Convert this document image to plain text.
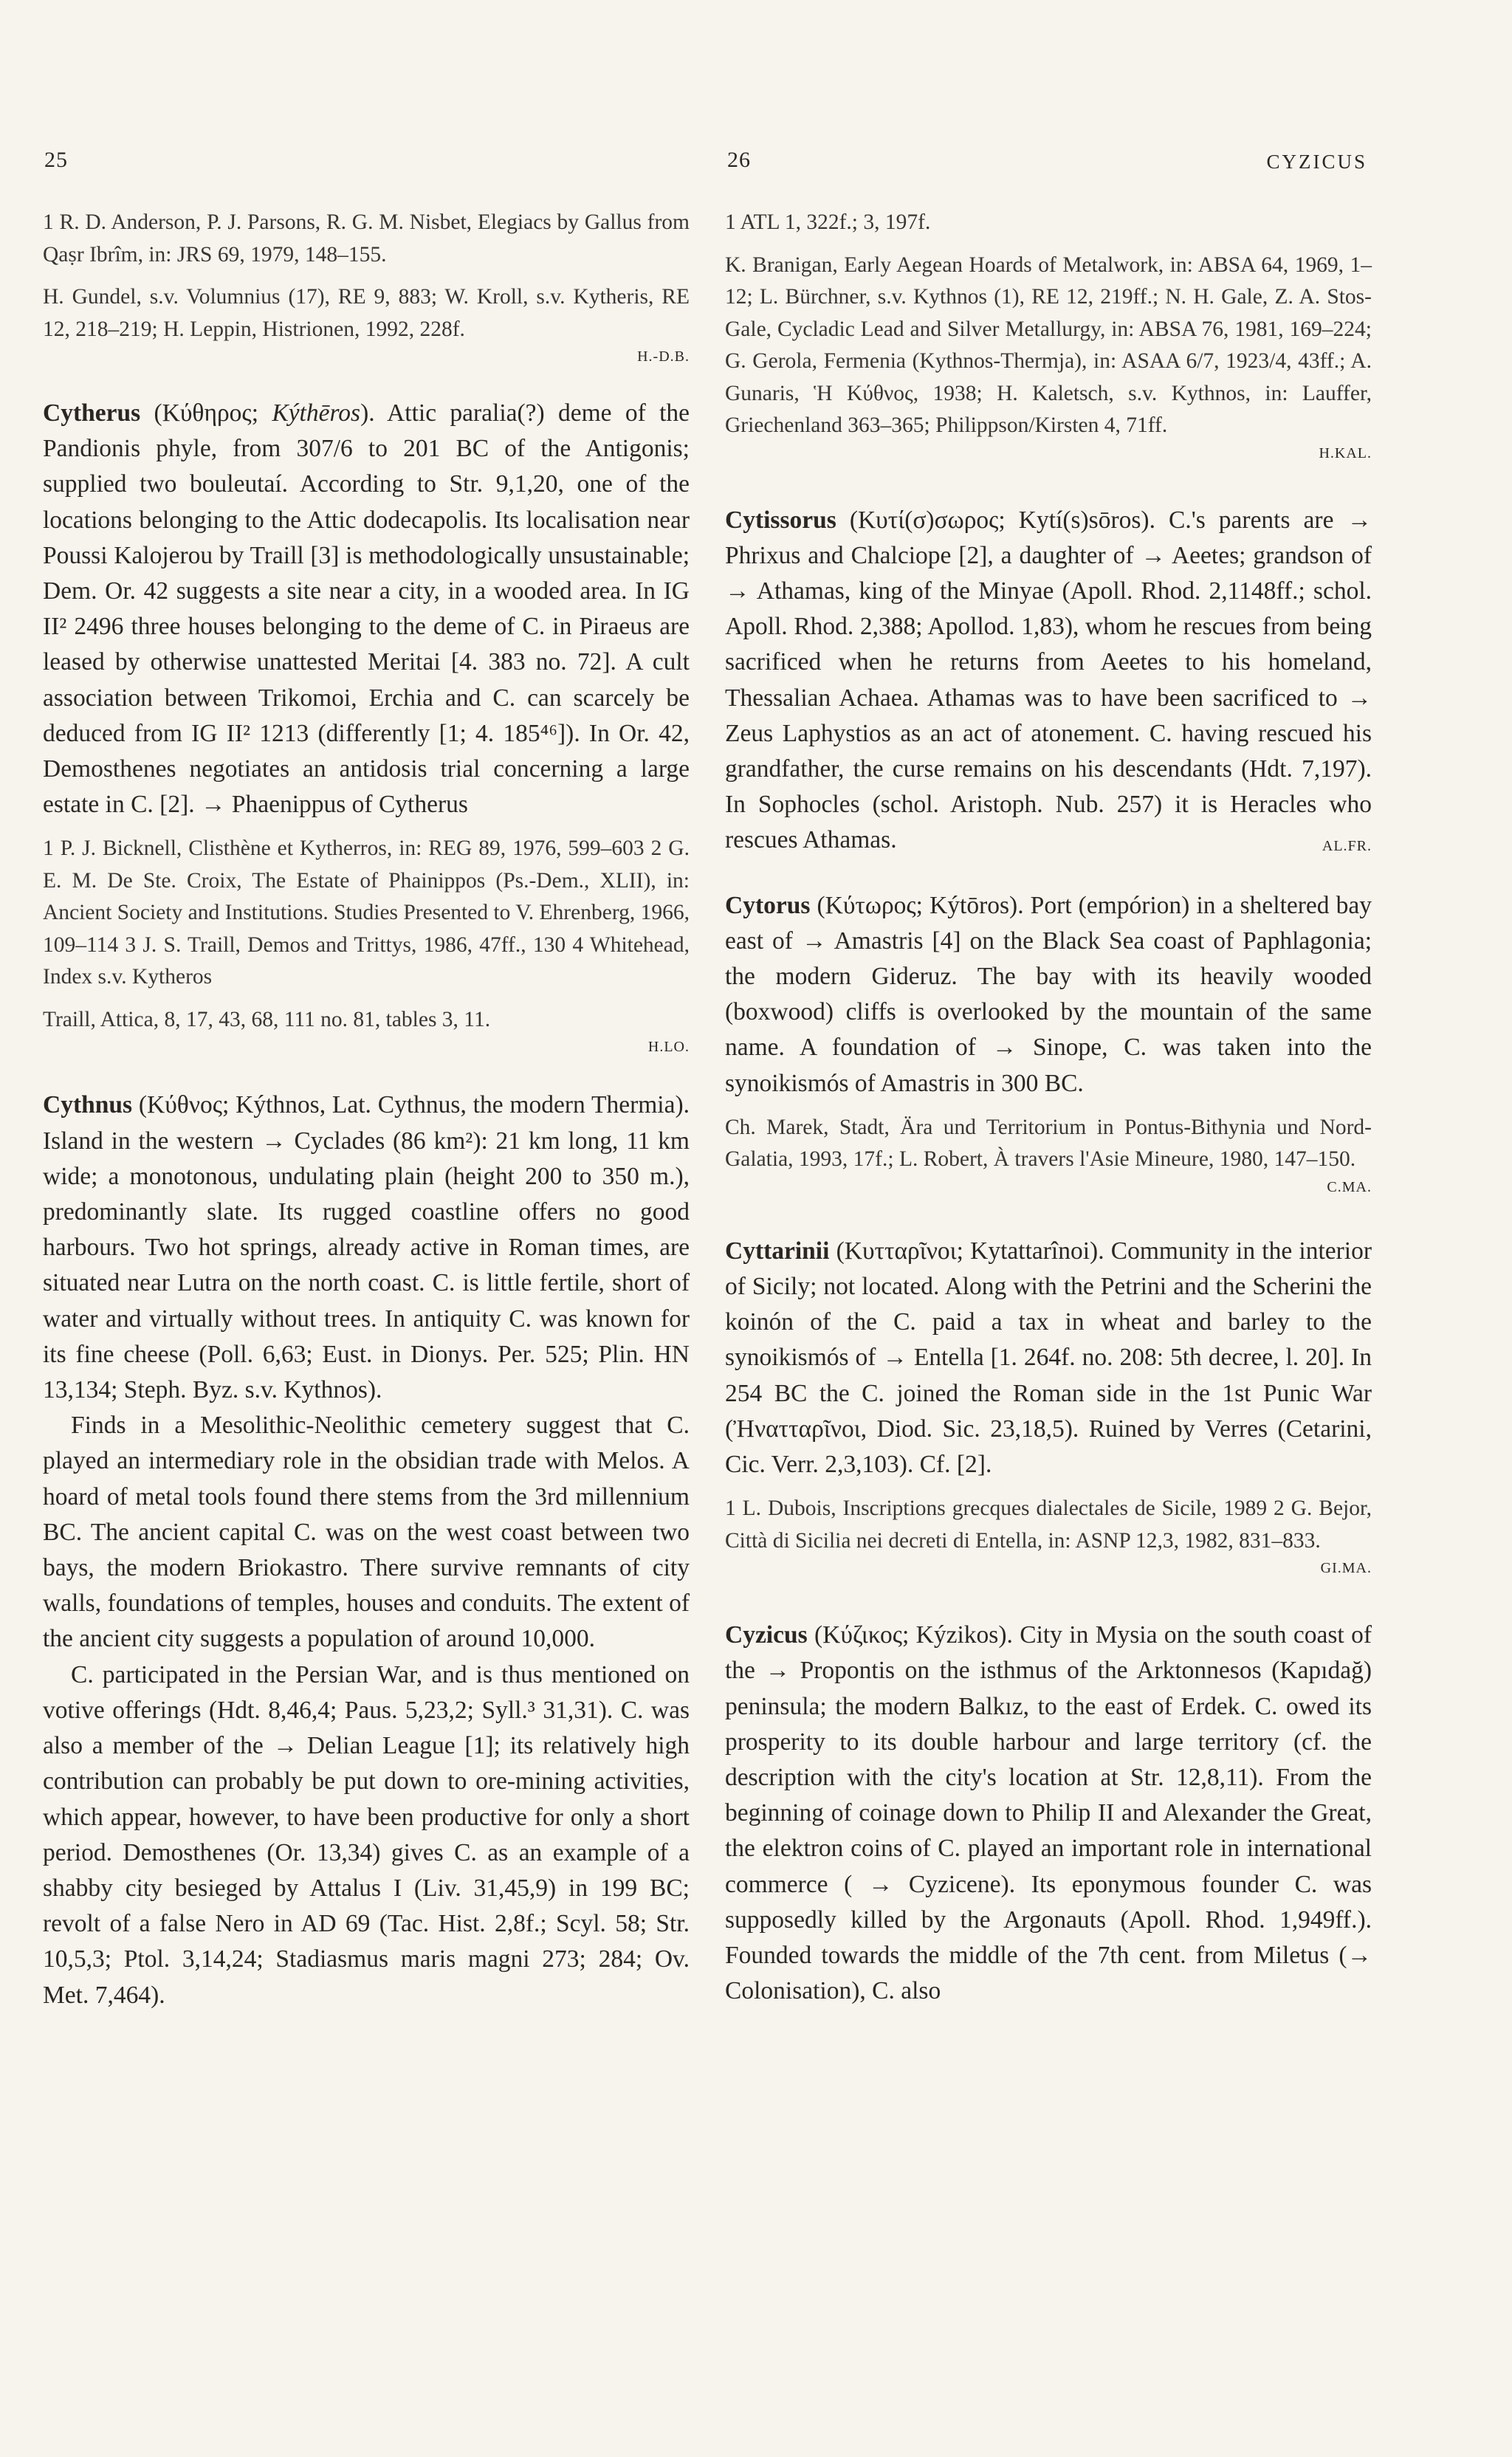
25	26	CYZICUS

1 R. D. Anderson, P. J. Parsons, R. G. M. Nisbet, Elegiacs by Gallus from Qaṣr Ibrîm, in: JRS 69, 1979, 148–155.

H. Gundel, s.v. Volumnius (17), RE 9, 883; W. Kroll, s.v. Kytheris, RE 12, 218–219; H. Leppin, Histrionen, 1992, 228f.

H.-D.B.

Cytherus (Κύθηρος; Kýthēros). Attic paralia(?) deme of the Pandionis phyle, from 307/6 to 201 BC of the Antigonis; supplied two bouleutaí. According to Str. 9,1,20, one of the locations belonging to the Attic dodecapolis. Its localisation near Poussi Kalojerou by Traill [3] is methodologically unsustainable; Dem. Or. 42 suggests a site near a city, in a wooded area. In IG II² 2496 three houses belonging to the deme of C. in Piraeus are leased by otherwise unattested Meritai [4. 383 no. 72]. A cult association between Trikomoi, Erchia and C. can scarcely be deduced from IG II² 1213 (differently [1; 4. 185⁴⁶]). In Or. 42, Demosthenes negotiates an antidosis trial concerning a large estate in C. [2]. → Phaenippus of Cytherus

1 P. J. Bicknell, Clisthène et Kytherros, in: REG 89, 1976, 599–603 2 G. E. M. De Ste. Croix, The Estate of Phainippos (Ps.-Dem., XLII), in: Ancient Society and Institutions. Studies Presented to V. Ehrenberg, 1966, 109–114 3 J. S. Traill, Demos and Trittys, 1986, 47ff., 130 4 Whitehead, Index s.v. Kytheros

Traill, Attica, 8, 17, 43, 68, 111 no. 81, tables 3, 11.

H.LO.

Cythnus (Κύθνος; Kýthnos, Lat. Cythnus, the modern Thermia). Island in the western → Cyclades (86 km²): 21 km long, 11 km wide; a monotonous, undulating plain (height 200 to 350 m.), predominantly slate. Its rugged coastline offers no good harbours. Two hot springs, already active in Roman times, are situated near Lutra on the north coast. C. is little fertile, short of water and virtually without trees. In antiquity C. was known for its fine cheese (Poll. 6,63; Eust. in Dionys. Per. 525; Plin. HN 13,134; Steph. Byz. s.v. Kythnos).

Finds in a Mesolithic-Neolithic cemetery suggest that C. played an intermediary role in the obsidian trade with Melos. A hoard of metal tools found there stems from the 3rd millennium BC. The ancient capital C. was on the west coast between two bays, the modern Briokastro. There survive remnants of city walls, foundations of temples, houses and conduits. The extent of the ancient city suggests a population of around 10,000.

C. participated in the Persian War, and is thus mentioned on votive offerings (Hdt. 8,46,4; Paus. 5,23,2; Syll.³ 31,31). C. was also a member of the → Delian League [1]; its relatively high contribution can probably be put down to ore-mining activities, which appear, however, to have been productive for only a short period. Demosthenes (Or. 13,34) gives C. as an example of a shabby city besieged by Attalus I (Liv. 31,45,9) in 199 BC; revolt of a false Nero in AD 69 (Tac. Hist. 2,8f.; Scyl. 58; Str. 10,5,3; Ptol. 3,14,24; Stadiasmus maris magni 273; 284; Ov. Met. 7,464).

1 ATL 1, 322f.; 3, 197f.

K. Branigan, Early Aegean Hoards of Metalwork, in: ABSA 64, 1969, 1–12; L. Bürchner, s.v. Kythnos (1), RE 12, 219ff.; N. H. Gale, Z. A. Stos-Gale, Cycladic Lead and Silver Metallurgy, in: ABSA 76, 1981, 169–224; G. Gerola, Fermenia (Kythnos-Thermja), in: ASAA 6/7, 1923/4, 43ff.; A. Gunaris, Ἡ Κύθνος, 1938; H. Kaletsch, s.v. Kythnos, in: Lauffer, Griechenland 363–365; Philippson/Kirsten 4, 71ff.

H.KAL.

Cytissorus (Κυτί(σ)σωρος; Kytí(s)sōros). C.'s parents are → Phrixus and Chalciope [2], a daughter of → Aeetes; grandson of → Athamas, king of the Minyae (Apoll. Rhod. 2,1148ff.; schol. Apoll. Rhod. 2,388; Apollod. 1,83), whom he rescues from being sacrificed when he returns from Aeetes to his homeland, Thessalian Achaea. Athamas was to have been sacrificed to → Zeus Laphystios as an act of atonement. C. having rescued his grandfather, the curse remains on his descendants (Hdt. 7,197). In Sophocles (schol. Aristoph. Nub. 257) it is Heracles who rescues Athamas.	AL.FR.

Cytorus (Κύτωρος; Kýtōros). Port (empórion) in a sheltered bay east of → Amastris [4] on the Black Sea coast of Paphlagonia; the modern Gideruz. The bay with its heavily wooded (boxwood) cliffs is overlooked by the mountain of the same name. A foundation of → Sinope, C. was taken into the synoikismós of Amastris in 300 BC.

Ch. Marek, Stadt, Ära und Territorium in Pontus-Bithynia und Nord-Galatia, 1993, 17f.; L. Robert, À travers l'Asie Mineure, 1980, 147–150.

C.MA.

Cyttarinii (Κυτταρῖνοι; Kytattarînoi). Community in the interior of Sicily; not located. Along with the Petrini and the Scherini the koinón of the C. paid a tax in wheat and barley to the synoikismós of → Entella [1. 264f. no. 208: 5th decree, l. 20]. In 254 BC the C. joined the Roman side in the 1st Punic War (Ἠνατταρῖνοι, Diod. Sic. 23,18,5). Ruined by Verres (Cetarini, Cic. Verr. 2,3,103). Cf. [2].

1 L. Dubois, Inscriptions grecques dialectales de Sicile, 1989 2 G. Bejor, Città di Sicilia nei decreti di Entella, in: ASNP 12,3, 1982, 831–833.

GI.MA.

Cyzicus (Κύζικος; Kýzikos). City in Mysia on the south coast of the → Propontis on the isthmus of the Arktonnesos (Kapıdağ) peninsula; the modern Balkız, to the east of Erdek. C. owed its prosperity to its double harbour and large territory (cf. the description with the city's location at Str. 12,8,11). From the beginning of coinage down to Philip II and Alexander the Great, the elektron coins of C. played an important role in international commerce ( → Cyzicene). Its eponymous founder C. was supposedly killed by the Argonauts (Apoll. Rhod. 1,949ff.). Founded towards the middle of the 7th cent. from Miletus (→ Colonisation), C. also
